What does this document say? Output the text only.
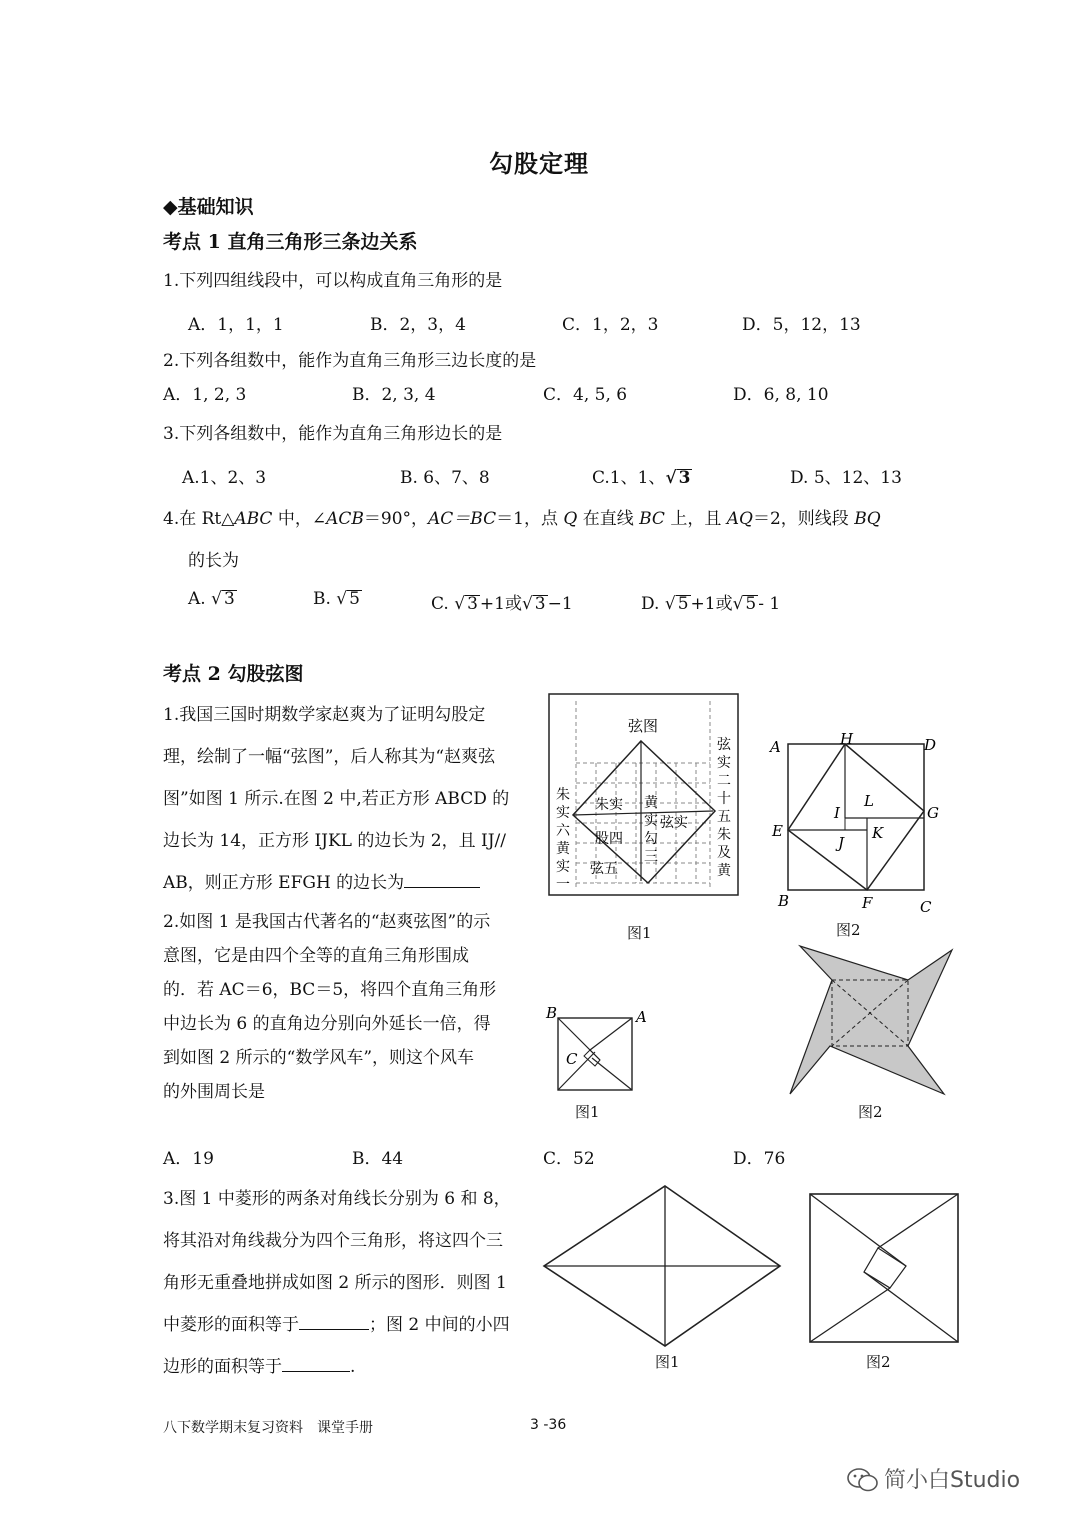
勾股定理
◆基础知识
考点 1 直角三角形三条边关系
1.下列四组线段中，可以构成直角三角形的是
A．1，1，1	B．2，3，4	C．1，2，3	D．5，12，13
2.下列各组数中，能作为直角三角形三边长度的是
A．1, 2, 3	B．2, 3, 4	C．4, 5, 6	D．6, 8, 10
3.下列各组数中，能作为直角三角形边长的是
A.1、2、3	B. 6、7、8	C.1、1、√ 3	D. 5、12、13
4.在 Rt△ABC 中，∠ACB＝90°，AC＝BC＝1，点 Q 在直线 BC 上，且 AQ＝2，则线段 BQ
的长为
A. √ 3	B. √ 5	C. √ 3 +1或√ 3 −1	D. √ 5 +1或√ 5 - 1
考点 2 勾股弦图
1.我国三国时期数学家赵爽为了证明勾股定
理，绘制了一幅“弦图”，后人称其为“赵爽弦
图”如图 1 所示.在图 2 中,若正方形 ABCD 的
边长为 14，正方形 IJKL 的边长为 2，且 IJ//
AB，则正方形 EFGH 的边长为
弦图
朱实
股四
弦五
弦实
黄实
勾三
朱实六黄实一
弦实二十五朱及黄
图1
A	H	D
E
G
B	F	C
I
L
J
K
图2
2.如图 1 是我国古代著名的“赵爽弦图”的示
意图，它是由四个全等的直角三角形围成
的．若 AC＝6，BC＝5，将四个直角三角形
中边长为 6 的直角边分别向外延长一倍，得
到如图 2 所示的“数学风车”，则这个风车
的外围周长是
B	A
C
图1	图2
A．19	B．44	C．52	D．76
3.图 1 中菱形的两条对角线长分别为 6 和 8，
将其沿对角线裁分为四个三角形，将这四个三
角形无重叠地拼成如图 2 所示的图形．则图 1
中菱形的面积等于	；图 2 中间的小四
边形的面积等于	.	图1	图2
八下数学期末复习资料　课堂手册	3 -36
简小白Studio
